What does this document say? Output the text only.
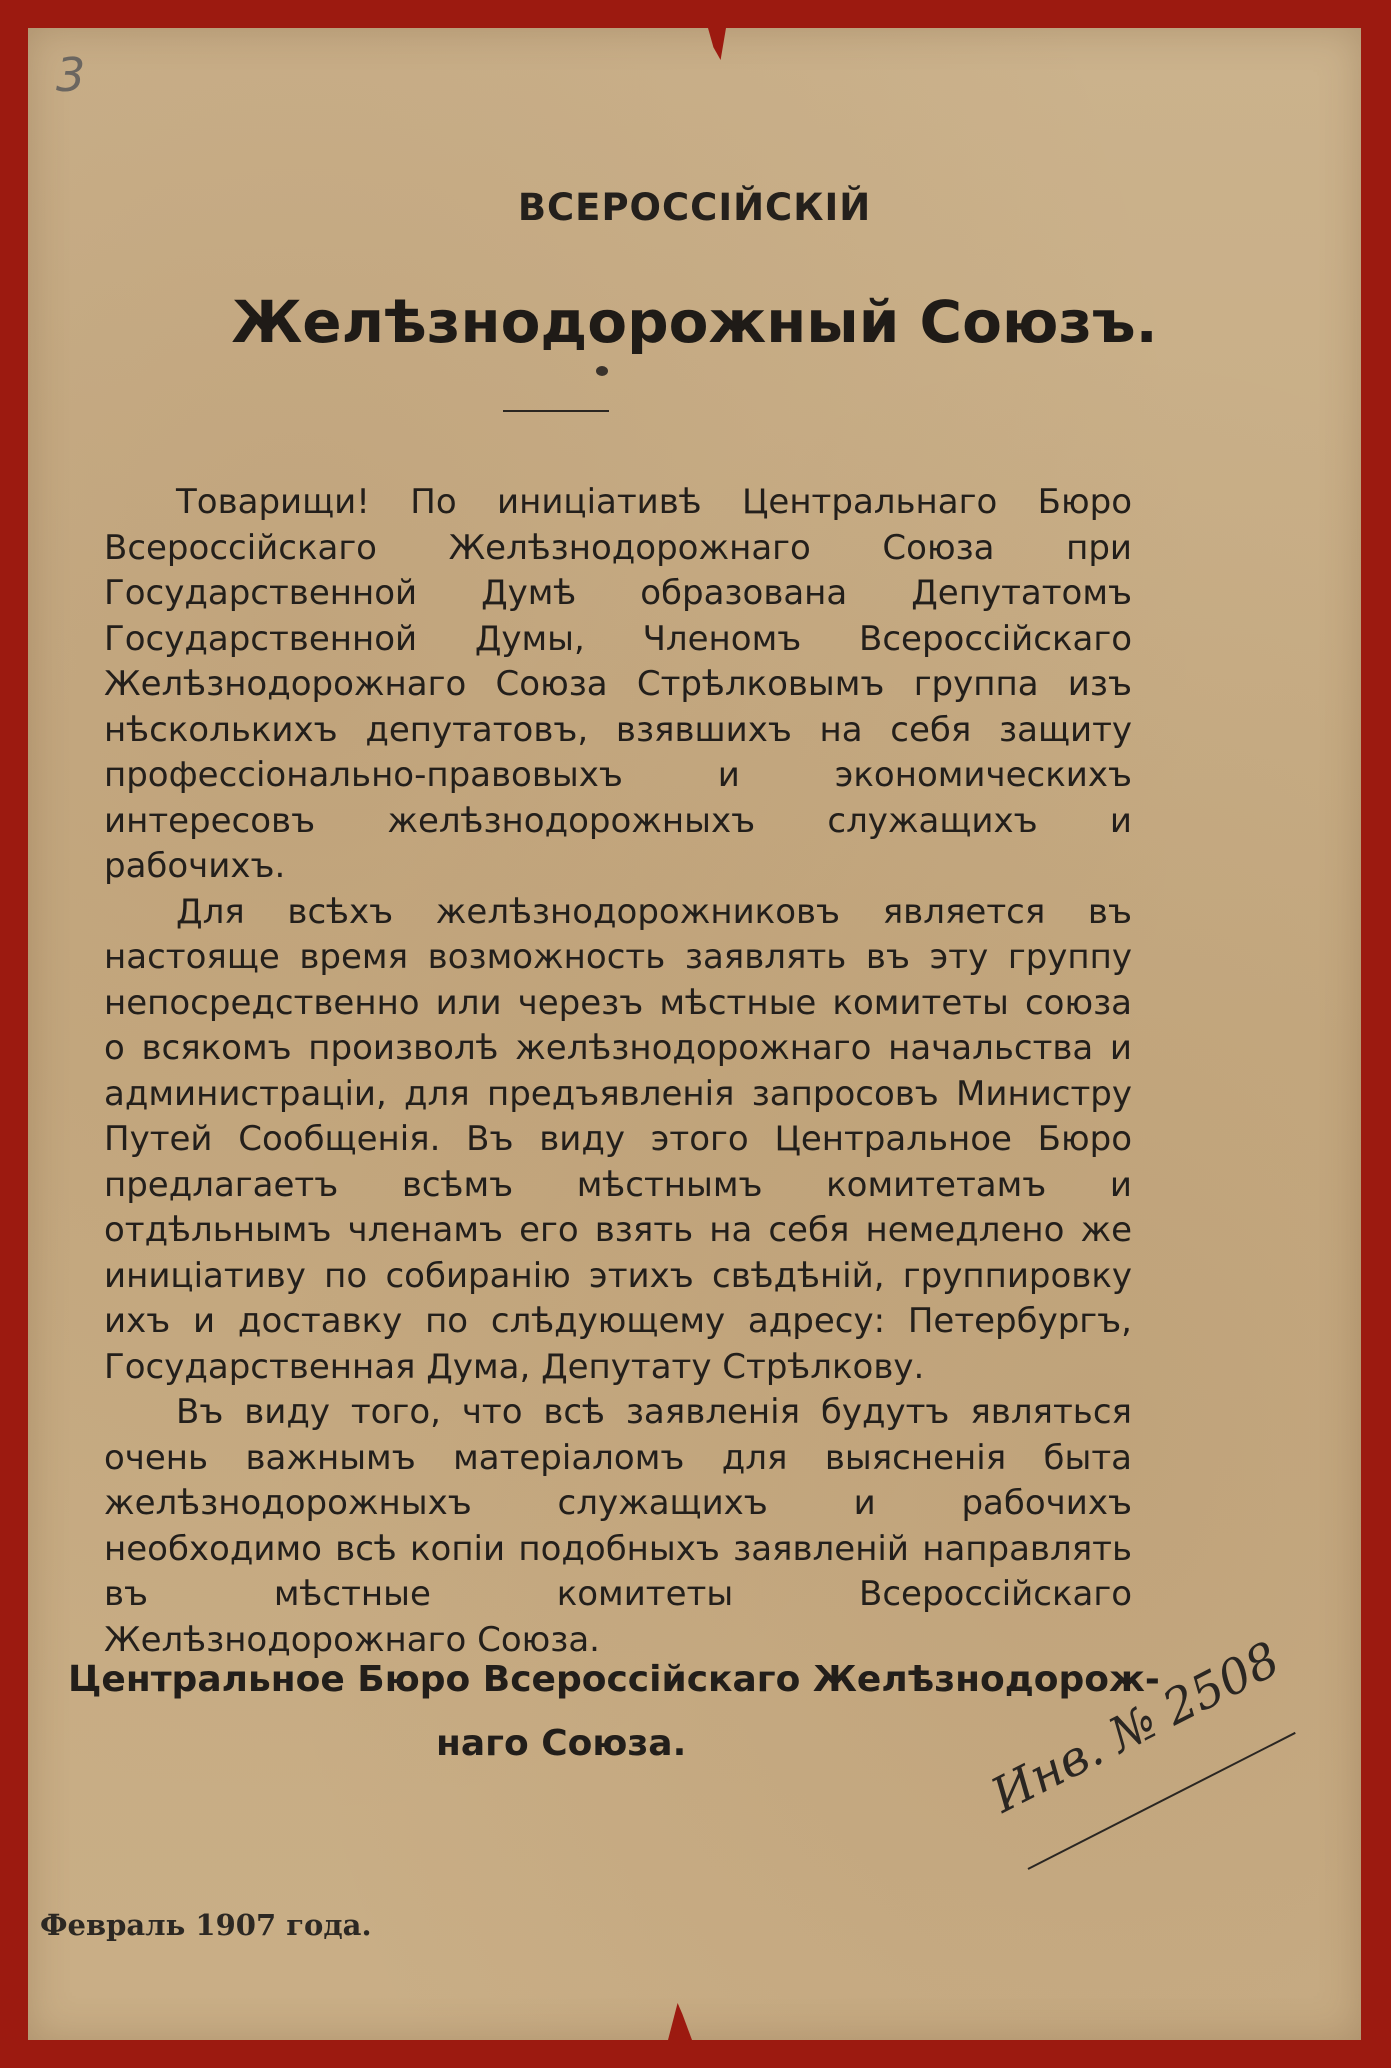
3
ВСЕРОССІЙСКІЙ
Желѣзнодорожный Союзъ.

Товарищи! По иниціативѣ Центральнаго Бюро Всероссійскаго Желѣзнодорожнаго Союза при Государственной Думѣ образована Депутатомъ Государственной Думы, Членомъ Всероссійскаго Желѣзнодорожнаго Союза Стрѣлковымъ группа изъ нѣсколькихъ депутатовъ, взявшихъ на себя защиту профессіонально-правовыхъ и экономическихъ интересовъ желѣзнодорожныхъ служащихъ и рабочихъ.

Для всѣхъ желѣзнодорожниковъ является въ настояще время возможность заявлять въ эту группу непосредственно или черезъ мѣстные комитеты союза о всякомъ произволѣ желѣзнодорожнаго начальства и администраціи, для предъявленія запросовъ Министру Путей Сообщенія. Въ виду этого Центральное Бюро предлагаетъ всѣмъ мѣстнымъ комитетамъ и отдѣльнымъ членамъ его взять на себя немедлено же иниціативу по собиранію этихъ свѣдѣній, группировку ихъ и доставку по слѣдующему адресу: Петербургъ, Государственная Дума, Депутату Стрѣлкову.

Въ виду того, что всѣ заявленія будутъ являться очень важнымъ матеріаломъ для выясненія быта желѣзнодорожныхъ служащихъ и рабочихъ необходимо всѣ копіи подобныхъ заявленій направлять въ мѣстные комитеты Всероссійскаго Желѣзнодорожнаго Союза.

Центральное Бюро Всероссійскаго Желѣзнодорож-
наго Союза.
Февраль 1907 года.
Инв. № 2508
